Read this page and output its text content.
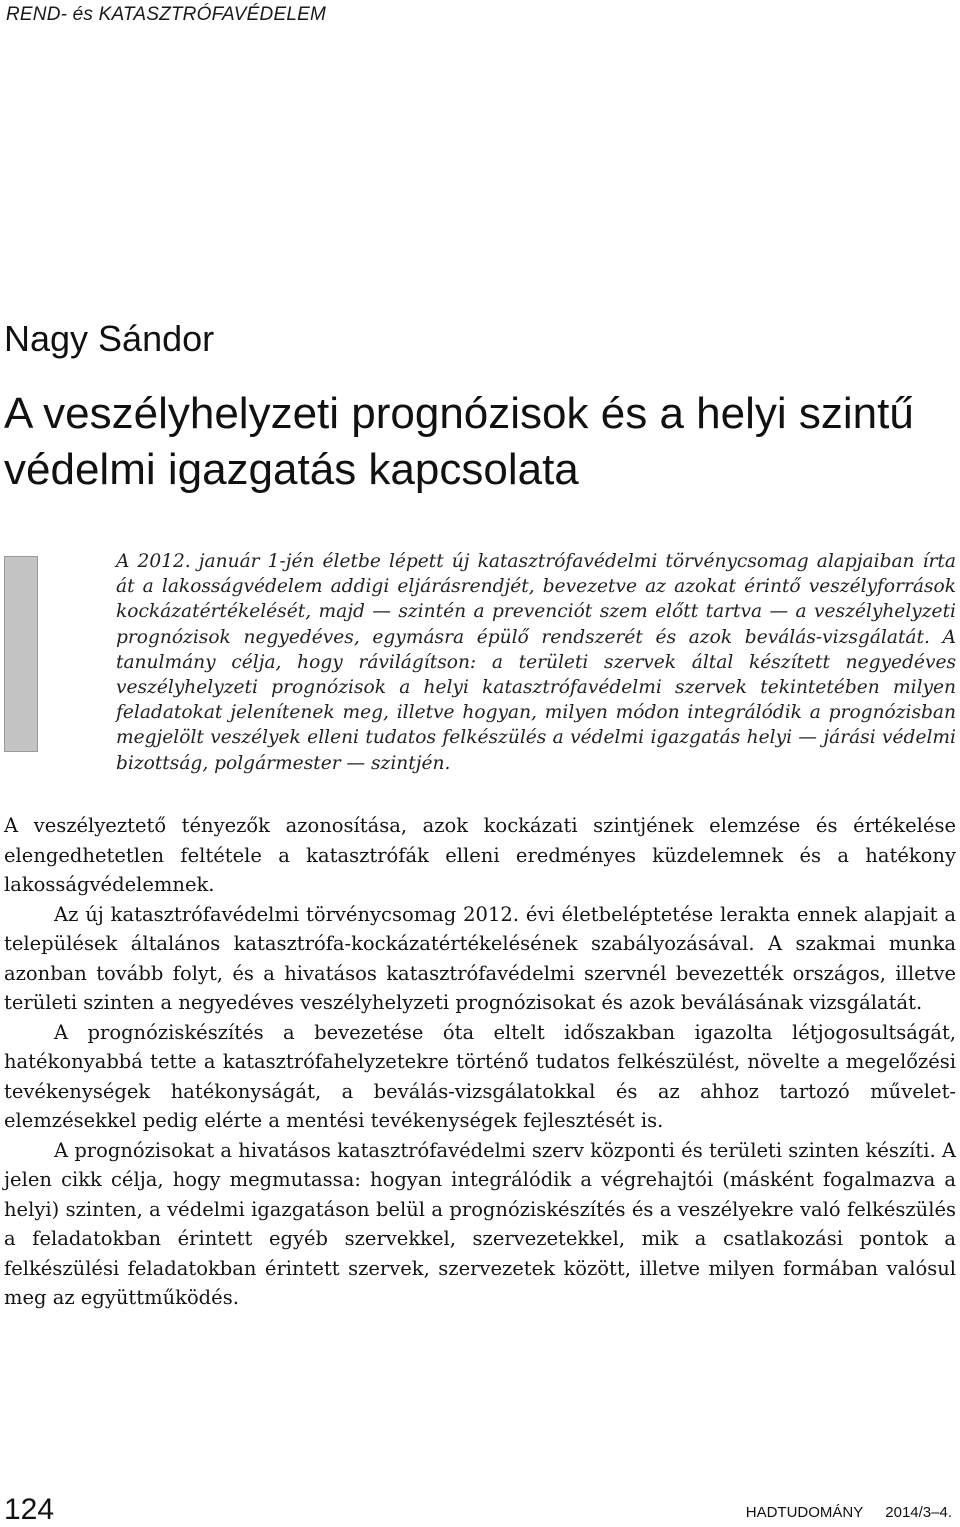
REND- és KATASZTRÓFAVÉDELEM
Nagy Sándor
A veszélyhelyzeti prognózisok és a helyi szintű védelmi igazgatás kapcsolata

A 2012. január 1-jén életbe lépett új katasztrófavédelmi törvénycsomag alapjaiban írta át a lakosságvédelem addigi eljárásrendjét, bevezetve az azokat érintő veszélyforrások kockázatértékelését, majd — szintén a prevenciót szem előtt tartva — a veszélyhelyzeti prognózisok negyedéves, egymásra épülő rendszerét és azok beválás-vizsgálatát. A tanulmány célja, hogy rávilágítson: a területi szervek által készített negyedéves veszélyhelyzeti prognózisok a helyi katasztrófavédelmi szervek tekintetében milyen feladatokat jelenítenek meg, illetve hogyan, milyen módon integrálódik a prognózisban megjelölt veszélyek elleni tudatos felkészülés a védelmi igazgatás helyi — járási védelmi bizottság, polgármester — szintjén.

A veszélyeztető tényezők azonosítása, azok kockázati szintjének elemzése és értékelése elengedhetetlen feltétele a katasztrófák elleni eredményes küzdelemnek és a hatékony lakosságvédelemnek.

Az új katasztrófavédelmi törvénycsomag 2012. évi életbeléptetése lerakta ennek alapjait a települések általános katasztrófa-kockázatértékelésének szabályozásával. A szakmai munka azonban tovább folyt, és a hivatásos katasztrófavédelmi szervnél bevezették országos, illetve területi szinten a negyedéves veszélyhelyzeti prognózisokat és azok beválásának vizsgálatát.

A prognóziskészítés a bevezetése óta eltelt időszakban igazolta létjogosultságát, hatékonyabbá tette a katasztrófahelyzetekre történő tudatos felkészülést, növelte a megelőzési tevékenységek hatékonyságát, a beválás-vizsgálatokkal és az ahhoz tartozó művelet-elemzésekkel pedig elérte a mentési tevékenységek fejlesztését is.

A prognózisokat a hivatásos katasztrófavédelmi szerv központi és területi szinten készíti. A jelen cikk célja, hogy megmutassa: hogyan integrálódik a végrehajtói (másként fogalmazva a helyi) szinten, a védelmi igazgatáson belül a prognóziskészítés és a veszélyekre való felkészülés a feladatokban érintett egyéb szervekkel, szervezetekkel, mik a csatlakozási pontok a felkészülési feladatokban érintett szervek, szervezetek között, illetve milyen formában valósul meg az együttműködés.

124	HADTUDOMÁNY 2014/3–4.
